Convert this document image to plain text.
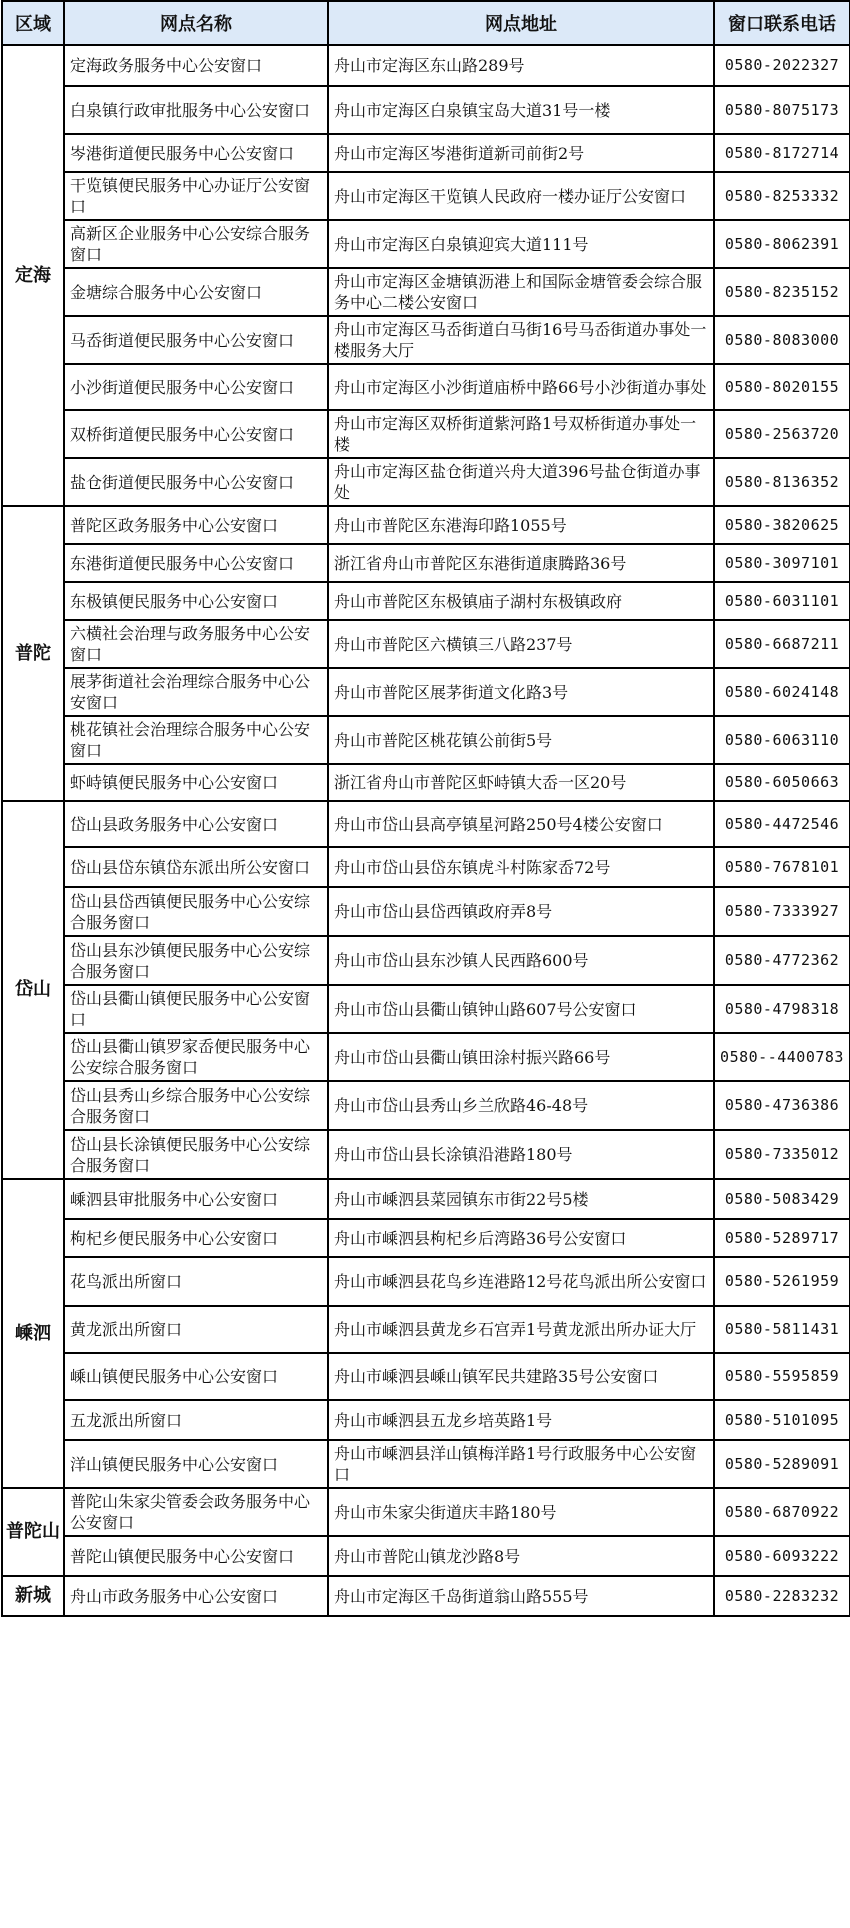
区域	网点名称	网点地址	窗口联系电话
定海	定海政务服务中心公安窗口	舟山市定海区东山路289号	0580-2022327
	白泉镇行政审批服务中心公安窗口	舟山市定海区白泉镇宝岛大道31号一楼	0580-8075173
	岑港街道便民服务中心公安窗口	舟山市定海区岑港街道新司前街2号	0580-8172714
	干览镇便民服务中心办证厅公安窗口	舟山市定海区干览镇人民政府一楼办证厅公安窗口	0580-8253332
	高新区企业服务中心公安综合服务窗口	舟山市定海区白泉镇迎宾大道111号	0580-8062391
	金塘综合服务中心公安窗口	舟山市定海区金塘镇沥港上和国际金塘管委会综合服务中心二楼公安窗口	0580-8235152
	马岙街道便民服务中心公安窗口	舟山市定海区马岙街道白马街16号马岙街道办事处一楼服务大厅	0580-8083000
	小沙街道便民服务中心公安窗口	舟山市定海区小沙街道庙桥中路66号小沙街道办事处	0580-8020155
	双桥街道便民服务中心公安窗口	舟山市定海区双桥街道紫河路1号双桥街道办事处一楼	0580-2563720
	盐仓街道便民服务中心公安窗口	舟山市定海区盐仓街道兴舟大道396号盐仓街道办事处	0580-8136352
普陀	普陀区政务服务中心公安窗口	舟山市普陀区东港海印路1055号	0580-3820625
	东港街道便民服务中心公安窗口	浙江省舟山市普陀区东港街道康腾路36号	0580-3097101
	东极镇便民服务中心公安窗口	舟山市普陀区东极镇庙子湖村东极镇政府	0580-6031101
	六横社会治理与政务服务中心公安窗口	舟山市普陀区六横镇三八路237号	0580-6687211
	展茅街道社会治理综合服务中心公安窗口	舟山市普陀区展茅街道文化路3号	0580-6024148
	桃花镇社会治理综合服务中心公安窗口	舟山市普陀区桃花镇公前街5号	0580-6063110
	虾峙镇便民服务中心公安窗口	浙江省舟山市普陀区虾峙镇大岙一区20号	0580-6050663
岱山	岱山县政务服务中心公安窗口	舟山市岱山县高亭镇星河路250号4楼公安窗口	0580-4472546
	岱山县岱东镇岱东派出所公安窗口	舟山市岱山县岱东镇虎斗村陈家岙72号	0580-7678101
	岱山县岱西镇便民服务中心公安综合服务窗口	舟山市岱山县岱西镇政府弄8号	0580-7333927
	岱山县东沙镇便民服务中心公安综合服务窗口	舟山市岱山县东沙镇人民西路600号	0580-4772362
	岱山县衢山镇便民服务中心公安窗口	舟山市岱山县衢山镇钟山路607号公安窗口	0580-4798318
	岱山县衢山镇罗家岙便民服务中心公安综合服务窗口	舟山市岱山县衢山镇田涂村振兴路66号	0580--4400783
	岱山县秀山乡综合服务中心公安综合服务窗口	舟山市岱山县秀山乡兰欣路46-48号	0580-4736386
	岱山县长涂镇便民服务中心公安综合服务窗口	舟山市岱山县长涂镇沿港路180号	0580-7335012
嵊泗	嵊泗县审批服务中心公安窗口	舟山市嵊泗县菜园镇东市街22号5楼	0580-5083429
	枸杞乡便民服务中心公安窗口	舟山市嵊泗县枸杞乡后湾路36号公安窗口	0580-5289717
	花鸟派出所窗口	舟山市嵊泗县花鸟乡连港路12号花鸟派出所公安窗口	0580-5261959
	黄龙派出所窗口	舟山市嵊泗县黄龙乡石宫弄1号黄龙派出所办证大厅	0580-5811431
	嵊山镇便民服务中心公安窗口	舟山市嵊泗县嵊山镇军民共建路35号公安窗口	0580-5595859
	五龙派出所窗口	舟山市嵊泗县五龙乡培英路1号	0580-5101095
	洋山镇便民服务中心公安窗口	舟山市嵊泗县洋山镇梅洋路1号行政服务中心公安窗口	0580-5289091
普陀山	普陀山朱家尖管委会政务服务中心公安窗口	舟山市朱家尖街道庆丰路180号	0580-6870922
	普陀山镇便民服务中心公安窗口	舟山市普陀山镇龙沙路8号	0580-6093222
新城	舟山市政务服务中心公安窗口	舟山市定海区千岛街道翁山路555号	0580-2283232
